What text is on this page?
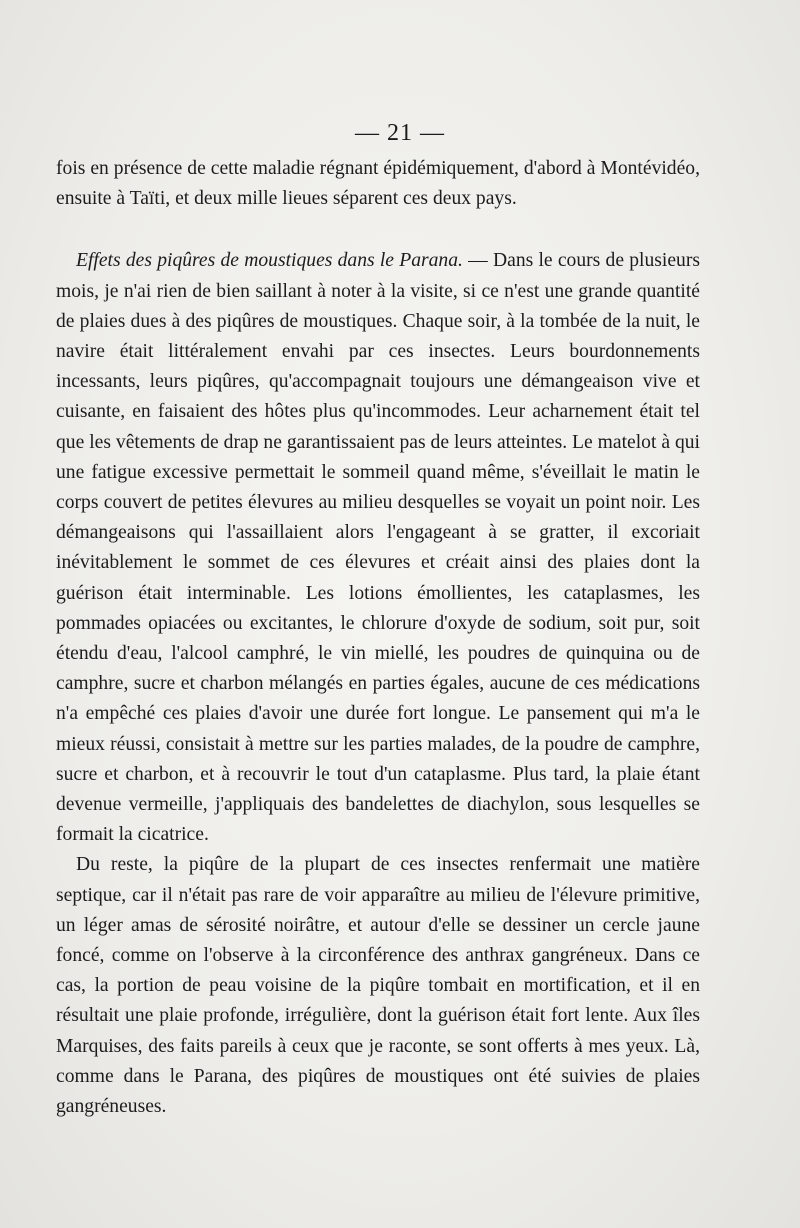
— 21 —

fois en présence de cette maladie régnant épidémiquement, d'abord à Montévidéo, ensuite à Taïti, et deux mille lieues séparent ces deux pays.

Effets des piqûres de moustiques dans le Parana. — Dans le cours de plusieurs mois, je n'ai rien de bien saillant à noter à la visite, si ce n'est une grande quantité de plaies dues à des piqûres de moustiques. Chaque soir, à la tombée de la nuit, le navire était littéralement envahi par ces insectes. Leurs bourdonnements incessants, leurs piqûres, qu'accompagnait toujours une démangeaison vive et cuisante, en faisaient des hôtes plus qu'incommodes. Leur acharnement était tel que les vêtements de drap ne garantissaient pas de leurs atteintes. Le matelot à qui une fatigue excessive permettait le sommeil quand même, s'éveillait le matin le corps couvert de petites élevures au milieu desquelles se voyait un point noir. Les démangeaisons qui l'assaillaient alors l'engageant à se gratter, il excoriait inévitablement le sommet de ces élevures et créait ainsi des plaies dont la guérison était interminable. Les lotions émollientes, les cataplasmes, les pommades opiacées ou excitantes, le chlorure d'oxyde de sodium, soit pur, soit étendu d'eau, l'alcool camphré, le vin miellé, les poudres de quinquina ou de camphre, sucre et charbon mélangés en parties égales, aucune de ces médications n'a empêché ces plaies d'avoir une durée fort longue. Le pansement qui m'a le mieux réussi, consistait à mettre sur les parties malades, de la poudre de camphre, sucre et charbon, et à recouvrir le tout d'un cataplasme. Plus tard, la plaie étant devenue vermeille, j'appliquais des bandelettes de diachylon, sous lesquelles se formait la cicatrice.

Du reste, la piqûre de la plupart de ces insectes renfermait une matière septique, car il n'était pas rare de voir apparaître au milieu de l'élevure primitive, un léger amas de sérosité noirâtre, et autour d'elle se dessiner un cercle jaune foncé, comme on l'observe à la circonférence des anthrax gangréneux. Dans ce cas, la portion de peau voisine de la piqûre tombait en mortification, et il en résultait une plaie profonde, irrégulière, dont la guérison était fort lente. Aux îles Marquises, des faits pareils à ceux que je raconte, se sont offerts à mes yeux. Là, comme dans le Parana, des piqûres de moustiques ont été suivies de plaies gangréneuses.
